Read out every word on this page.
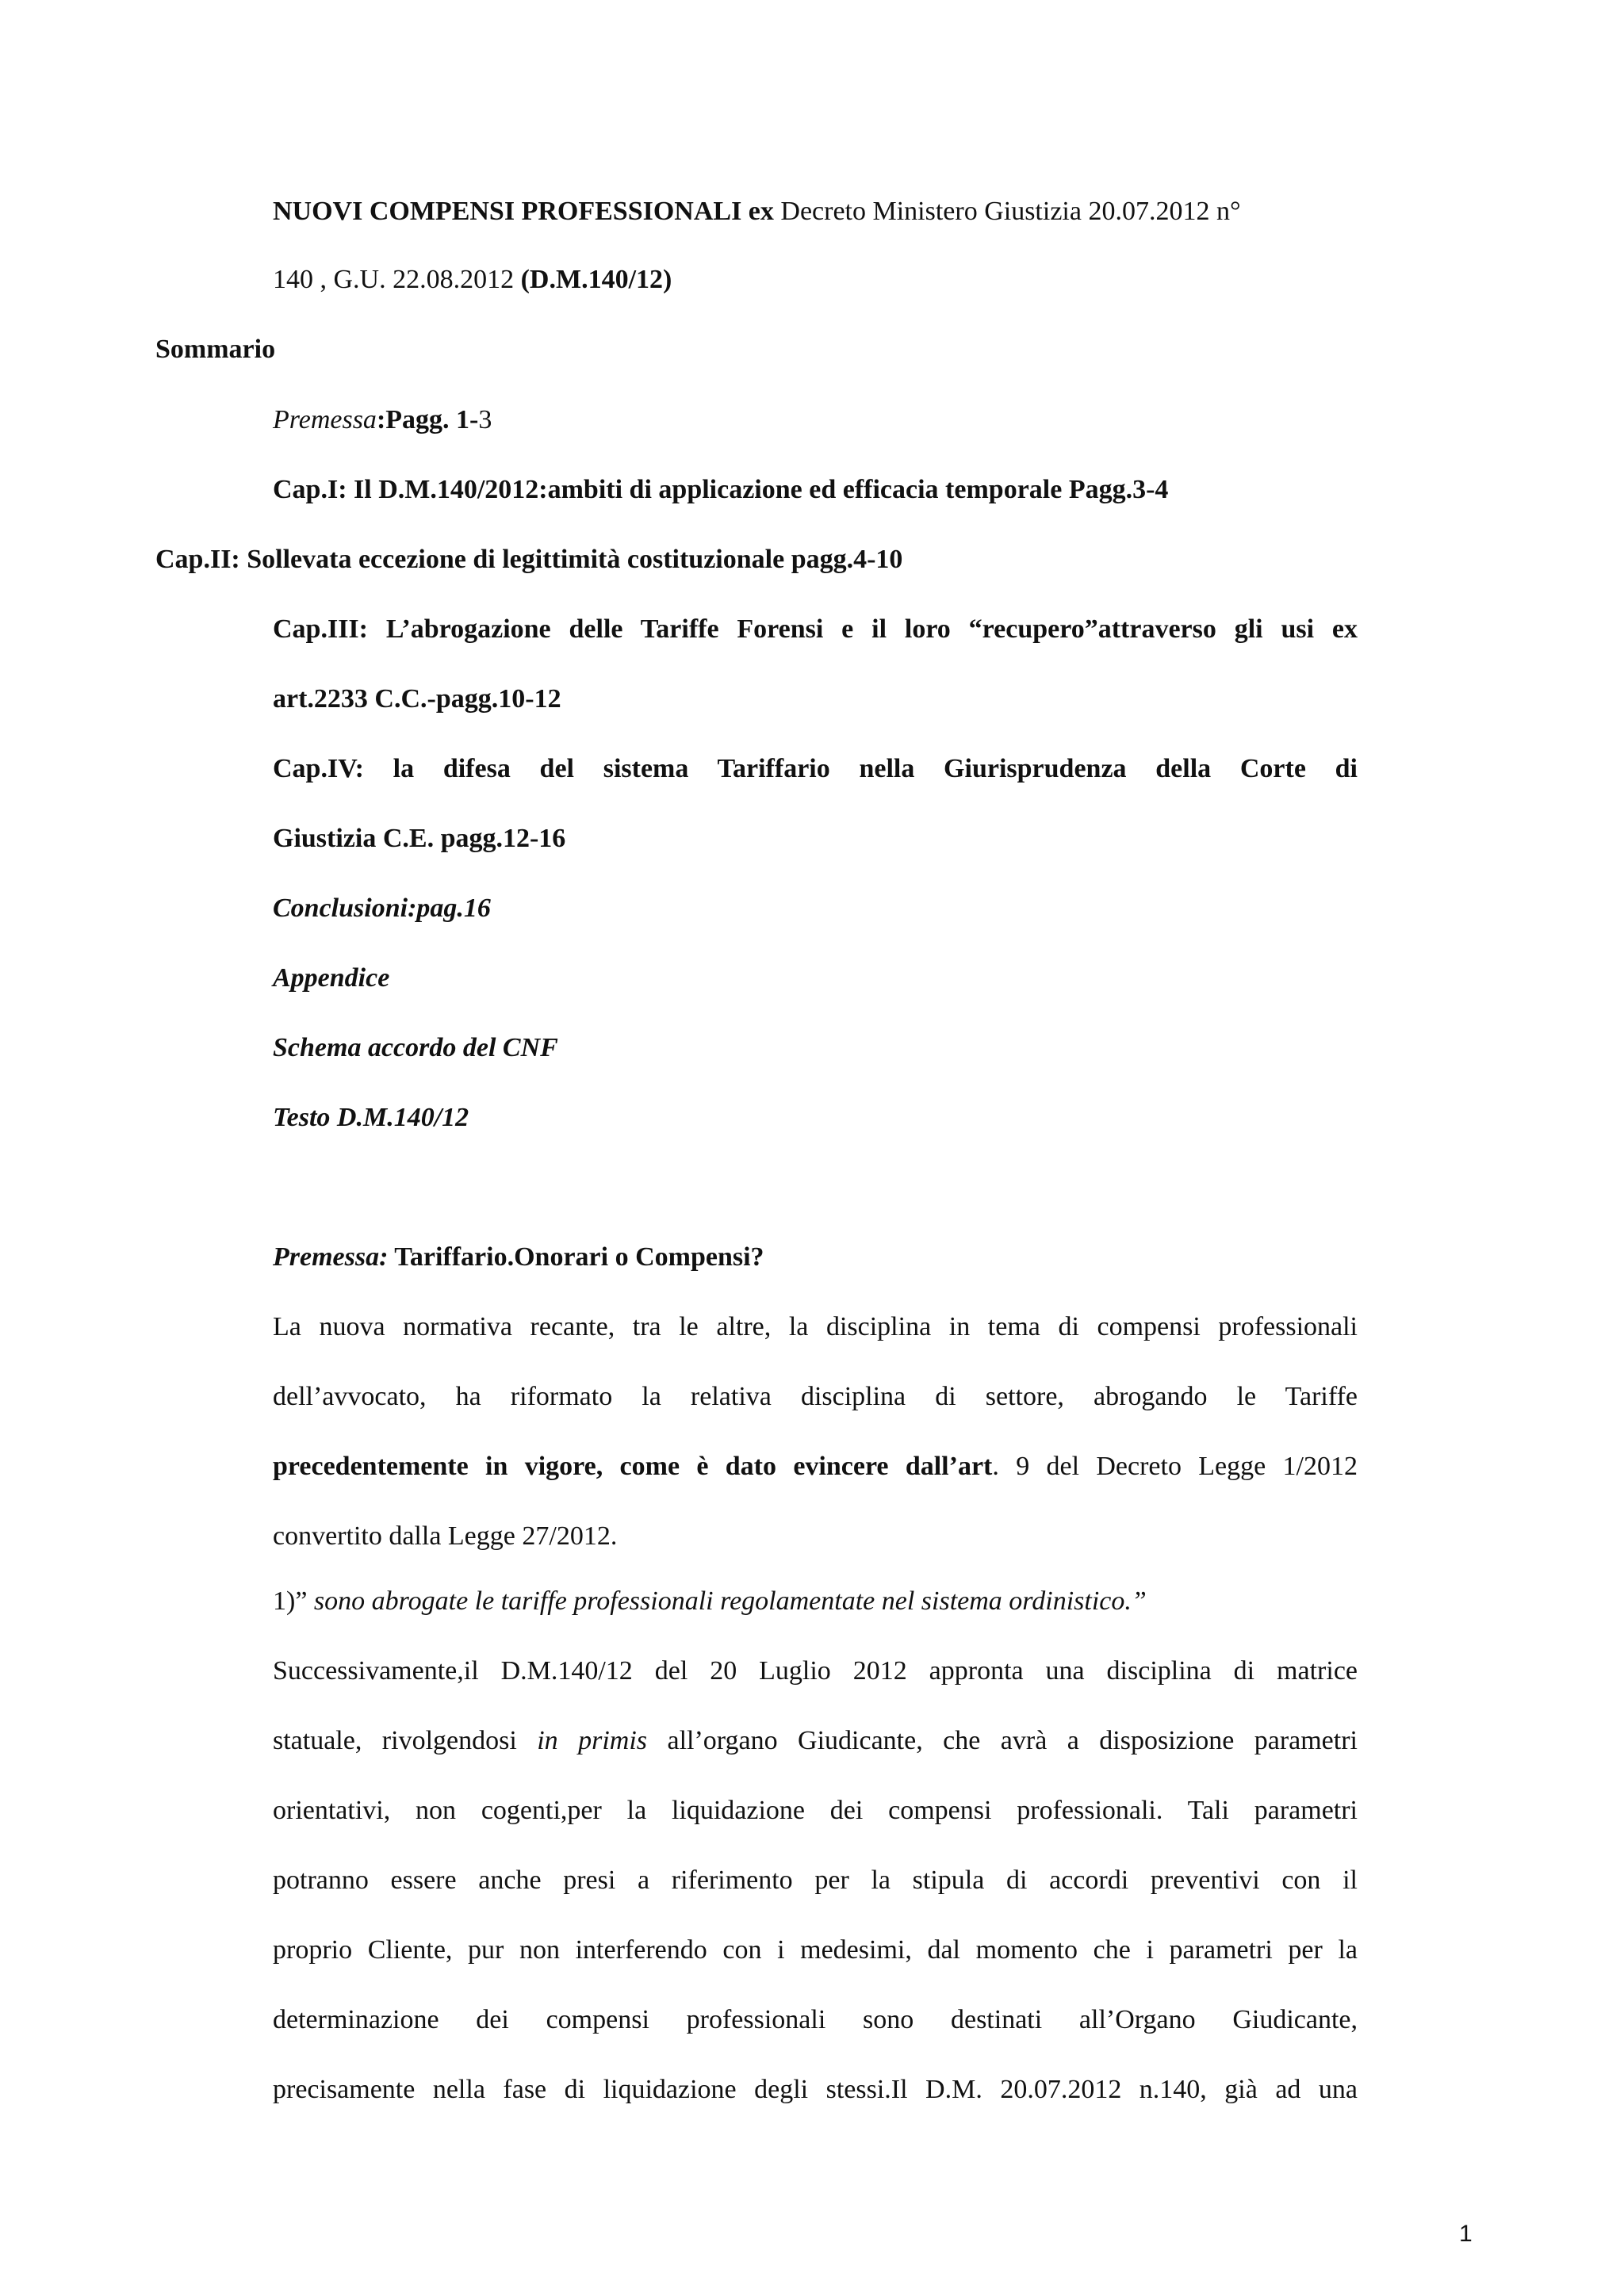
NUOVI COMPENSI PROFESSIONALI ex Decreto Ministero Giustizia 20.07.2012 n°
140 , G.U. 22.08.2012 (D.M.140/12)
Sommario
Premessa:Pagg. 1-3
Cap.I: Il D.M.140/2012:ambiti di applicazione ed efficacia temporale Pagg.3-4
Cap.II: Sollevata eccezione di legittimità costituzionale pagg.4-10
Cap.III: L’abrogazione delle Tariffe Forensi e il loro “recupero”attraverso gli usi ex
art.2233 C.C.-pagg.10-12
Cap.IV: la difesa del sistema Tariffario nella Giurisprudenza della Corte di
Giustizia C.E. pagg.12-16
Conclusioni:pag.16
Appendice
Schema accordo del CNF
Testo D.M.140/12
Premessa: Tariffario.Onorari o Compensi?
La nuova normativa recante, tra le altre, la disciplina in tema di compensi professionali
dell’avvocato, ha riformato la relativa disciplina di settore, abrogando le Tariffe
precedentemente in vigore, come è dato evincere dall’art. 9 del Decreto Legge 1/2012
convertito dalla Legge 27/2012.
1)” sono abrogate le tariffe professionali regolamentate nel sistema ordinistico.”
Successivamente,il D.M.140/12 del 20 Luglio 2012 appronta una disciplina di matrice
statuale, rivolgendosi in primis all’organo Giudicante, che avrà a disposizione parametri
orientativi, non cogenti,per la liquidazione dei compensi professionali. Tali parametri
potranno essere anche presi a riferimento per la stipula di accordi preventivi con il
proprio Cliente, pur non interferendo con i medesimi, dal momento che i parametri per la
determinazione dei compensi professionali sono destinati all’Organo Giudicante,
precisamente nella fase di liquidazione degli stessi.Il D.M. 20.07.2012 n.140, già ad una
1
